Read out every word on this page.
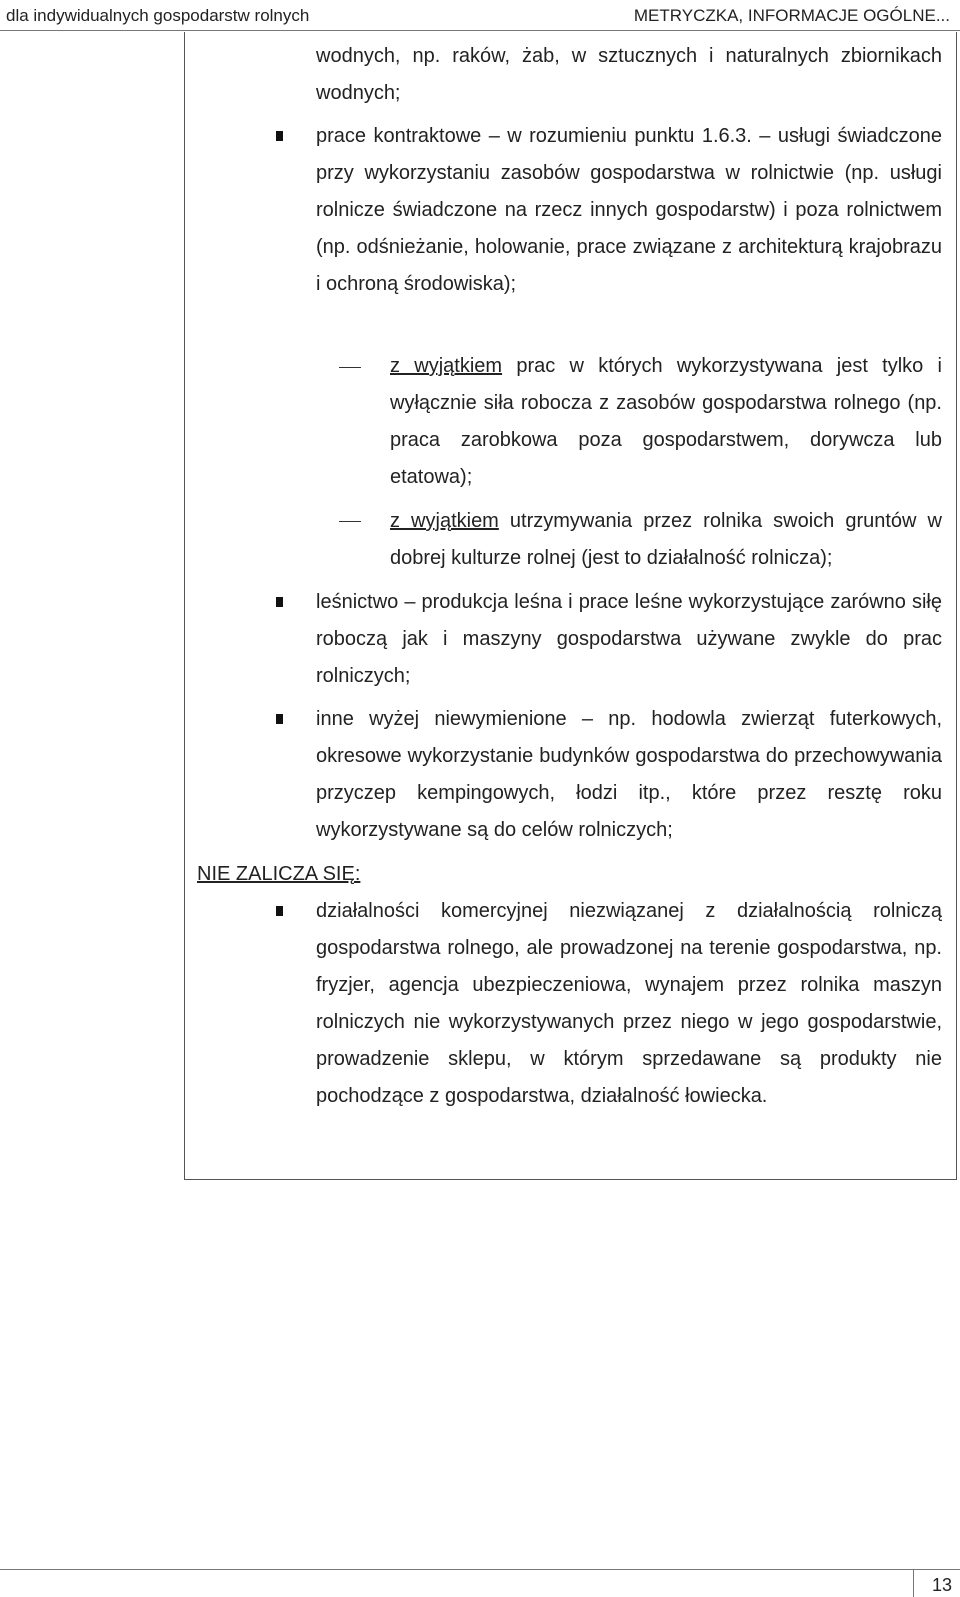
dla indywidualnych gospodarstw rolnych	METRYCZKA, INFORMACJE OGÓLNE...
wodnych, np. raków, żab, w sztucznych i naturalnych zbiornikach wodnych;
prace kontraktowe – w rozumieniu punktu 1.6.3. – usługi świadczone przy wykorzystaniu zasobów gospodarstwa w rolnictwie (np. usługi rolnicze świadczone na rzecz innych gospodarstw) i poza rolnictwem (np. odśnieżanie, holowanie, prace związane z architekturą krajobrazu i ochroną środowiska);
z wyjątkiem prac w których wykorzystywana jest tylko i wyłącznie siła robocza z zasobów gospodarstwa rolnego (np. praca zarobkowa poza gospodarstwem, dorywcza lub etatowa);
z wyjątkiem utrzymywania przez rolnika swoich gruntów w dobrej kulturze rolnej (jest to działalność rolnicza);
leśnictwo – produkcja leśna i prace leśne wykorzystujące zarówno siłę roboczą jak i maszyny gospodarstwa używane zwykle do prac rolniczych;
inne wyżej niewymienione – np. hodowla zwierząt futerkowych, okresowe wykorzystanie budynków gospodarstwa do przechowywania przyczep kempingowych, łodzi itp., które przez resztę roku wykorzystywane są do celów rolniczych;
NIE ZALICZA SIĘ:
działalności komercyjnej niezwiązanej z działalnością rolniczą gospodarstwa rolnego, ale prowadzonej na terenie gospodarstwa, np. fryzjer, agencja ubezpieczeniowa, wynajem przez rolnika maszyn rolniczych nie wykorzystywanych przez niego w jego gospodarstwie, prowadzenie sklepu, w którym sprzedawane są produkty nie pochodzące z gospodarstwa, działalność łowiecka.
13
